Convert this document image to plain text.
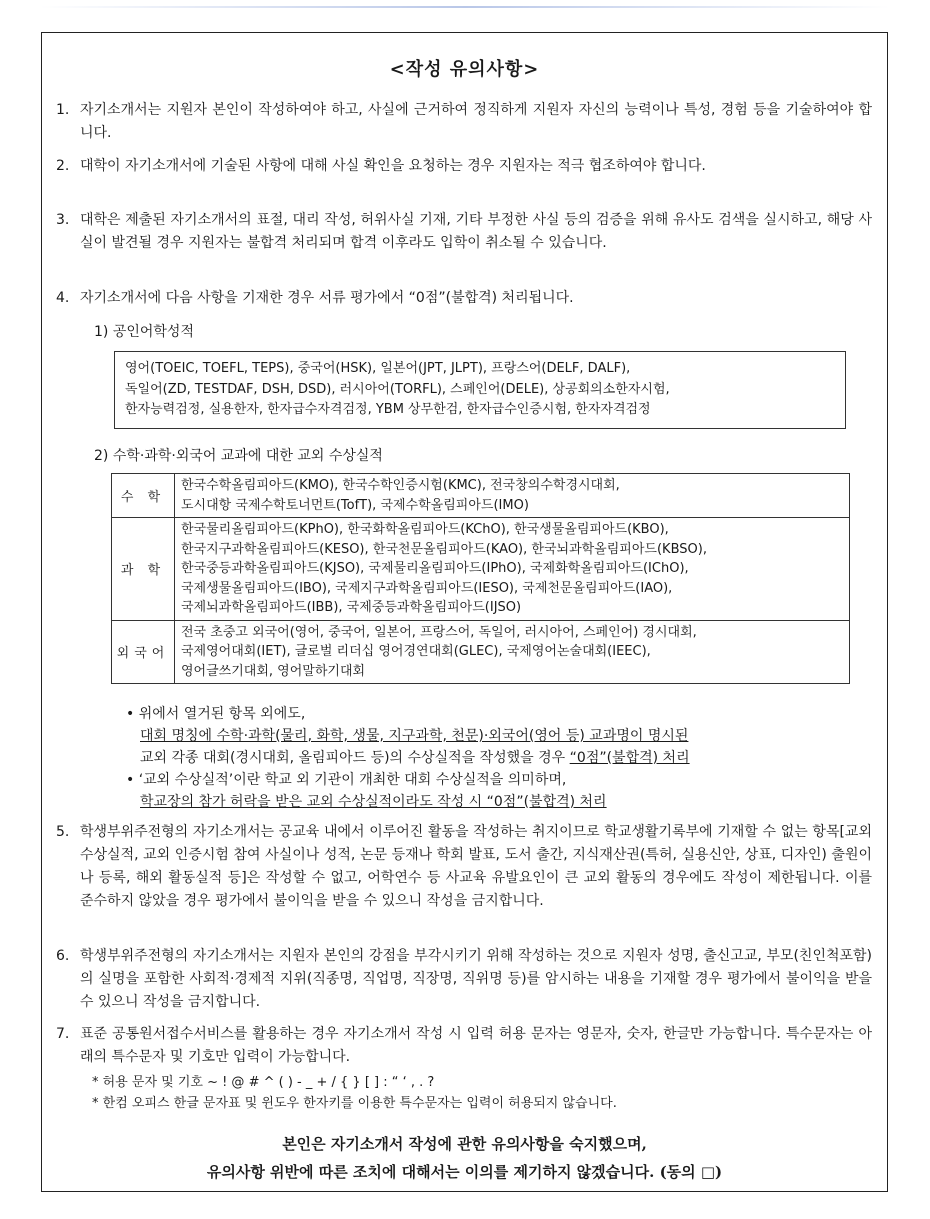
<작성 유의사항>
1. 자기소개서는 지원자 본인이 작성하여야 하고, 사실에 근거하여 정직하게 지원자 자신의 능력이나 특성, 경험 등을 기술하여야 합니다.
2. 대학이 자기소개서에 기술된 사항에 대해 사실 확인을 요청하는 경우 지원자는 적극 협조하여야 합니다.
3. 대학은 제출된 자기소개서의 표절, 대리 작성, 허위사실 기재, 기타 부정한 사실 등의 검증을 위해 유사도 검색을 실시하고, 해당 사실이 발견될 경우 지원자는 불합격 처리되며 합격 이후라도 입학이 취소될 수 있습니다.
4. 자기소개서에 다음 사항을 기재한 경우 서류 평가에서 “0점”(불합격) 처리됩니다.
1) 공인어학성적
영어(TOEIC, TOEFL, TEPS), 중국어(HSK), 일본어(JPT, JLPT), 프랑스어(DELF, DALF),
독일어(ZD, TESTDAF, DSH, DSD), 러시아어(TORFL), 스페인어(DELE), 상공회의소한자시험,
한자능력검정, 실용한자, 한자급수자격검정, YBM 상무한검, 한자급수인증시험, 한자자격검정
2) 수학·과학·외국어 교과에 대한 교외 수상실적
수 학	한국수학올림피아드(KMO), 한국수학인증시험(KMC), 전국창의수학경시대회,
도시대항 국제수학토너먼트(TofT), 국제수학올림피아드(IMO)

과 학	한국물리올림피아드(KPhO), 한국화학올림피아드(KChO), 한국생물올림피아드(KBO),
한국지구과학올림피아드(KESO), 한국천문올림피아드(KAO), 한국뇌과학올림피아드(KBSO),
한국중등과학올림피아드(KJSO), 국제물리올림피아드(IPhO), 국제화학올림피아드(IChO),
국제생물올림피아드(IBO), 국제지구과학올림피아드(IESO), 국제천문올림피아드(IAO),
국제뇌과학올림피아드(IBB), 국제중등과학올림피아드(IJSO)

외국어	전국 초중고 외국어(영어, 중국어, 일본어, 프랑스어, 독일어, 러시아어, 스페인어) 경시대회,
국제영어대회(IET), 글로벌 리더십 영어경연대회(GLEC), 국제영어논술대회(IEEC),
영어글쓰기대회, 영어말하기대회
• 위에서 열거된 항목 외에도,
대회 명칭에 수학·과학(물리, 화학, 생물, 지구과학, 천문)·외국어(영어 등) 교과명이 명시된
교외 각종 대회(경시대회, 올림피아드 등)의 수상실적을 작성했을 경우 “0점”(불합격) 처리
• ‘교외 수상실적’이란 학교 외 기관이 개최한 대회 수상실적을 의미하며,
학교장의 참가 허락을 받은 교외 수상실적이라도 작성 시 “0점”(불합격) 처리
5. 학생부위주전형의 자기소개서는 공교육 내에서 이루어진 활동을 작성하는 취지이므로 학교생활기록부에 기재할 수 없는 항목[교외 수상실적, 교외 인증시험 참여 사실이나 성적, 논문 등재나 학회 발표, 도서 출간, 지식재산권(특허, 실용신안, 상표, 디자인) 출원이나 등록, 해외 활동실적 등]은 작성할 수 없고, 어학연수 등 사교육 유발요인이 큰 교외 활동의 경우에도 작성이 제한됩니다. 이를 준수하지 않았을 경우 평가에서 불이익을 받을 수 있으니 작성을 금지합니다.
6. 학생부위주전형의 자기소개서는 지원자 본인의 강점을 부각시키기 위해 작성하는 것으로 지원자 성명, 출신고교, 부모(친인척포함)의 실명을 포함한 사회적·경제적 지위(직종명, 직업명, 직장명, 직위명 등)를 암시하는 내용을 기재할 경우 평가에서 불이익을 받을 수 있으니 작성을 금지합니다.
7. 표준 공통원서접수서비스를 활용하는 경우 자기소개서 작성 시 입력 허용 문자는 영문자, 숫자, 한글만 가능합니다. 특수문자는 아래의 특수문자 및 기호만 입력이 가능합니다.
* 허용 문자 및 기호 ~ ! @ # ^ ( ) - _ + / { } [ ] : “ ‘ , . ?
* 한컴 오피스 한글 문자표 및 윈도우 한자키를 이용한 특수문자는 입력이 허용되지 않습니다.
본인은 자기소개서 작성에 관한 유의사항을 숙지했으며,
유의사항 위반에 따른 조치에 대해서는 이의를 제기하지 않겠습니다. (동의 □)
